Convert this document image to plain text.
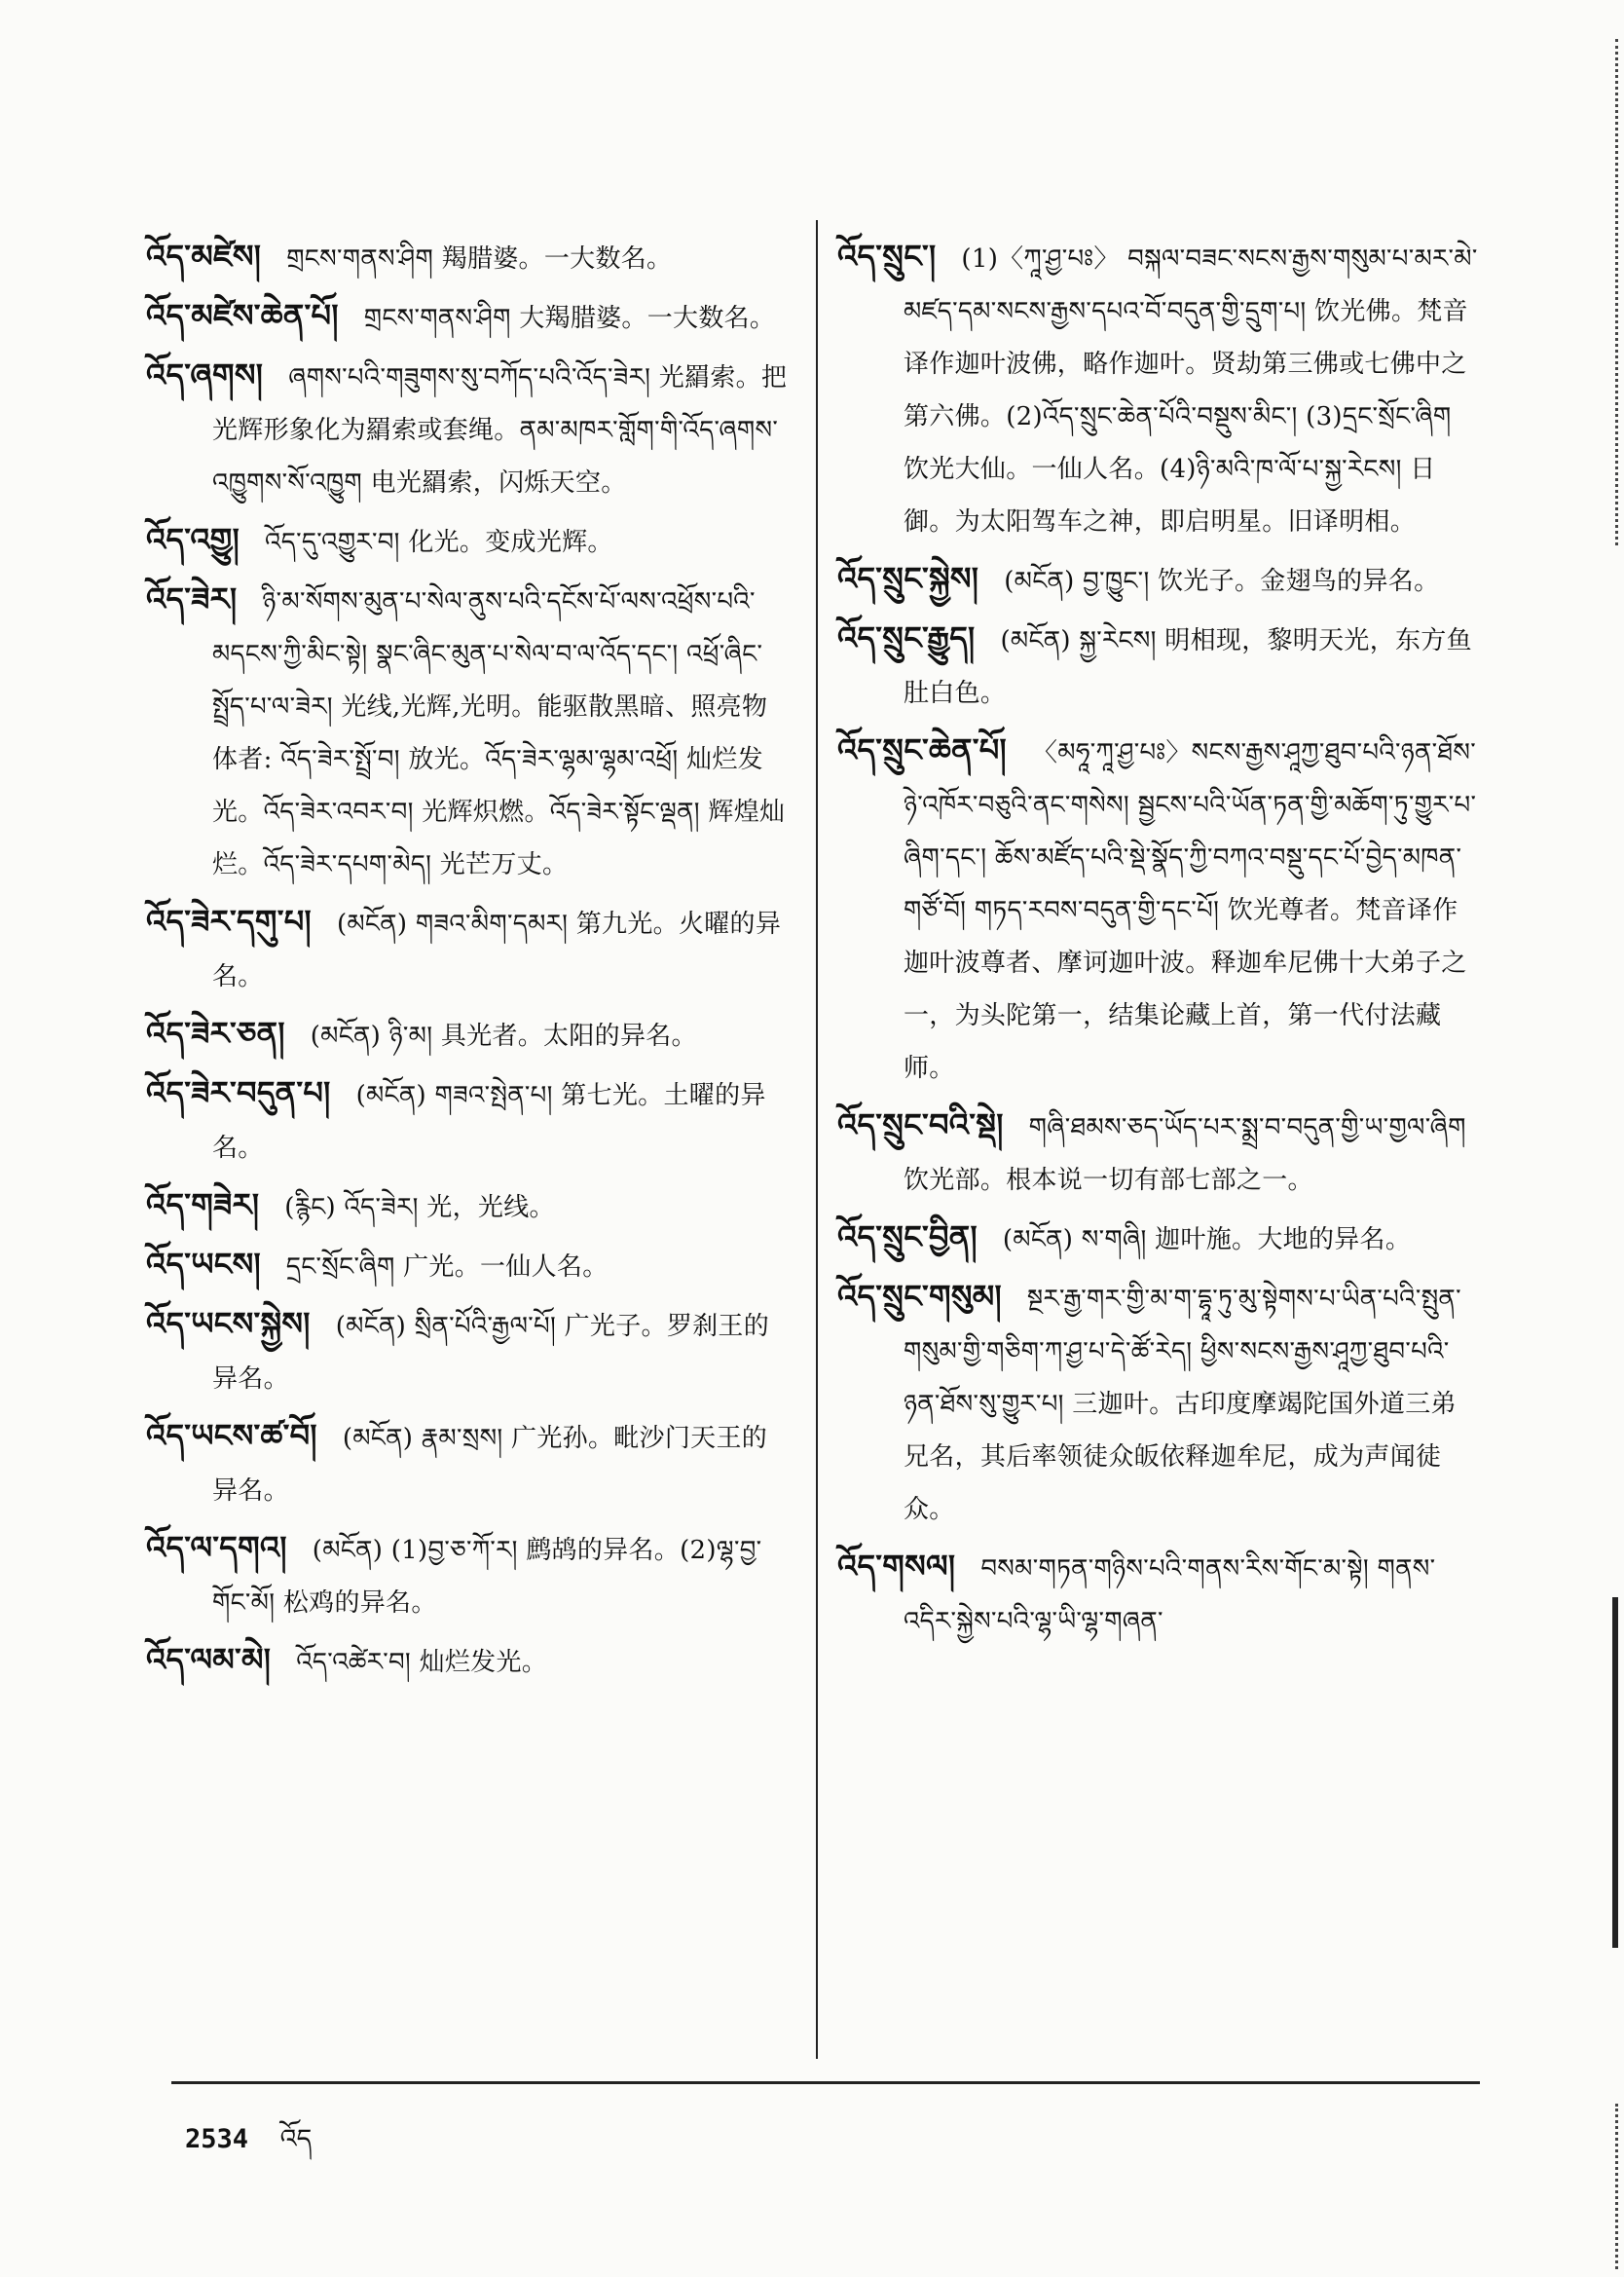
འོད་མཛེས། གྲངས་གནས་ཤིག 羯腊婆。一大数名。
འོད་མཛེས་ཆེན་པོ། གྲངས་གནས་ཤིག 大羯腊婆。一大数名。
འོད་ཞགས། ཞགས་པའི་གཟུགས་སུ་བཀོད་པའི་འོད་ཟེར། 光羂索。把光辉形象化为羂索或套绳。ནམ་མཁར་གློག་གི་འོད་ཞགས་འཁྱུགས་སོ་འཁྱུག 电光羂索，闪烁天空。
འོད་འགྱུ། འོད་དུ་འགྱུར་བ། 化光。变成光辉。
འོད་ཟེར། ཉི་མ་སོགས་མུན་པ་སེལ་ནུས་པའི་དངོས་པོ་ལས་འཕྲོས་པའི་མདངས་ཀྱི་མིང་སྟེ། སྣང་ཞིང་མུན་པ་སེལ་བ་ལ་འོད་དང་། འཕྲོ་ཞིང་སྤྲོད་པ་ལ་ཟེར། 光线,光辉,光明。能驱散黑暗、照亮物体者: འོད་ཟེར་སྤྲོ་བ། 放光。འོད་ཟེར་ལྷམ་ལྷམ་འཕྲོ། 灿烂发光。འོད་ཟེར་འབར་བ། 光辉炽燃。འོད་ཟེར་སྟོང་ལྡན། 辉煌灿烂。འོད་ཟེར་དཔག་མེད། 光芒万丈。
འོད་ཟེར་དགུ་པ། (མངོན) གཟའ་མིག་དམར། 第九光。火曜的异名。
འོད་ཟེར་ཅན། (མངོན) ཉི་མ། 具光者。太阳的异名。
འོད་ཟེར་བདུན་པ། (མངོན) གཟའ་སྤེན་པ། 第七光。土曜的异名。
འོད་གཟེར། (རྙིང) འོད་ཟེར། 光，光线。
འོད་ཡངས། དྲང་སྲོང་ཞིག 广光。一仙人名。
འོད་ཡངས་སྐྱེས། (མངོན) སྲིན་པོའི་རྒྱལ་པོ། 广光子。罗刹王的异名。
འོད་ཡངས་ཚ་བོ། (མངོན) རྣམ་སྲས། 广光孙。毗沙门天王的异名。
འོད་ལ་དགའ། (མངོན) (1)བྱ་ཅ་ཀོ་ར། 鹧鸪的异名。(2)ལྷ་བྱ་གོང་མོ། 松鸡的异名。
འོད་ལམ་མེ། འོད་འཚེར་བ། 灿烂发光。
འོད་སྲུང་། (1)〈ཀཱ་ཤྱ་པཿ〉 བསྐལ་བཟང་སངས་རྒྱས་གསུམ་པ་མར་མེ་མཛད་དམ་སངས་རྒྱས་དཔའ་བོ་བདུན་གྱི་དྲུག་པ། 饮光佛。梵音译作迦叶波佛，略作迦叶。贤劫第三佛或七佛中之第六佛。(2)འོད་སྲུང་ཆེན་པོའི་བསྡུས་མིང་། (3)དྲང་སྲོང་ཞིག 饮光大仙。一仙人名。(4)ཉི་མའི་ཁ་ལོ་པ་སྐྱ་རེངས། 日御。为太阳驾车之神，即启明星。旧译明相。
འོད་སྲུང་སྐྱེས། (མངོན) བྱ་ཁྱུང་། 饮光子。金翅鸟的异名。
འོད་སྲུང་རྒྱུད། (མངོན) སྐྱ་རེངས། 明相现，黎明天光，东方鱼肚白色。
འོད་སྲུང་ཆེན་པོ། 〈མཧཱ་ཀཱ་ཤྱ་པཿ〉སངས་རྒྱས་ཤཱཀྱ་ཐུབ་པའི་ཉན་ཐོས་ཉེ་འཁོར་བཅུའི་ནང་གསེས། སྦྱངས་པའི་ཡོན་ཏན་གྱི་མཆོག་ཏུ་གྱུར་པ་ཞིག་དང་། ཆོས་མཛོད་པའི་སྡེ་སྣོད་ཀྱི་བཀའ་བསྡུ་དང་པོ་བྱེད་མཁན་གཙོ་བོ། གཏད་རབས་བདུན་གྱི་དང་པོ། 饮光尊者。梵音译作迦叶波尊者、摩诃迦叶波。释迦牟尼佛十大弟子之一，为头陀第一，结集论藏上首，第一代付法藏师。
འོད་སྲུང་བའི་སྡེ། གཞི་ཐམས་ཅད་ཡོད་པར་སྨྲ་བ་བདུན་གྱི་ཡ་གྱལ་ཞིག 饮光部。根本说一切有部七部之一。
འོད་སྲུང་བྱིན། (མངོན) ས་གཞི། 迦叶施。大地的异名。
འོད་སྲུང་གསུམ། སྔར་རྒྱ་གར་གྱི་མ་ག་དྷཱ་ཏུ་མུ་སྟེགས་པ་ཡིན་པའི་སྤུན་གསུམ་གྱི་གཅིག་ཀ་ཤྱ་པ་དེ་ཚོ་རེད། ཕྱིས་སངས་རྒྱས་ཤཱཀྱ་ཐུབ་པའི་ཉན་ཐོས་སུ་གྱུར་པ། 三迦叶。古印度摩竭陀国外道三弟兄名，其后率领徒众皈依释迦牟尼，成为声闻徒众。
འོད་གསལ། བསམ་གཏན་གཉིས་པའི་གནས་རིས་གོང་མ་སྟེ། གནས་འདིར་སྐྱེས་པའི་ལྷ་ཡི་ལྷ་གཞན་
2534 འོད
